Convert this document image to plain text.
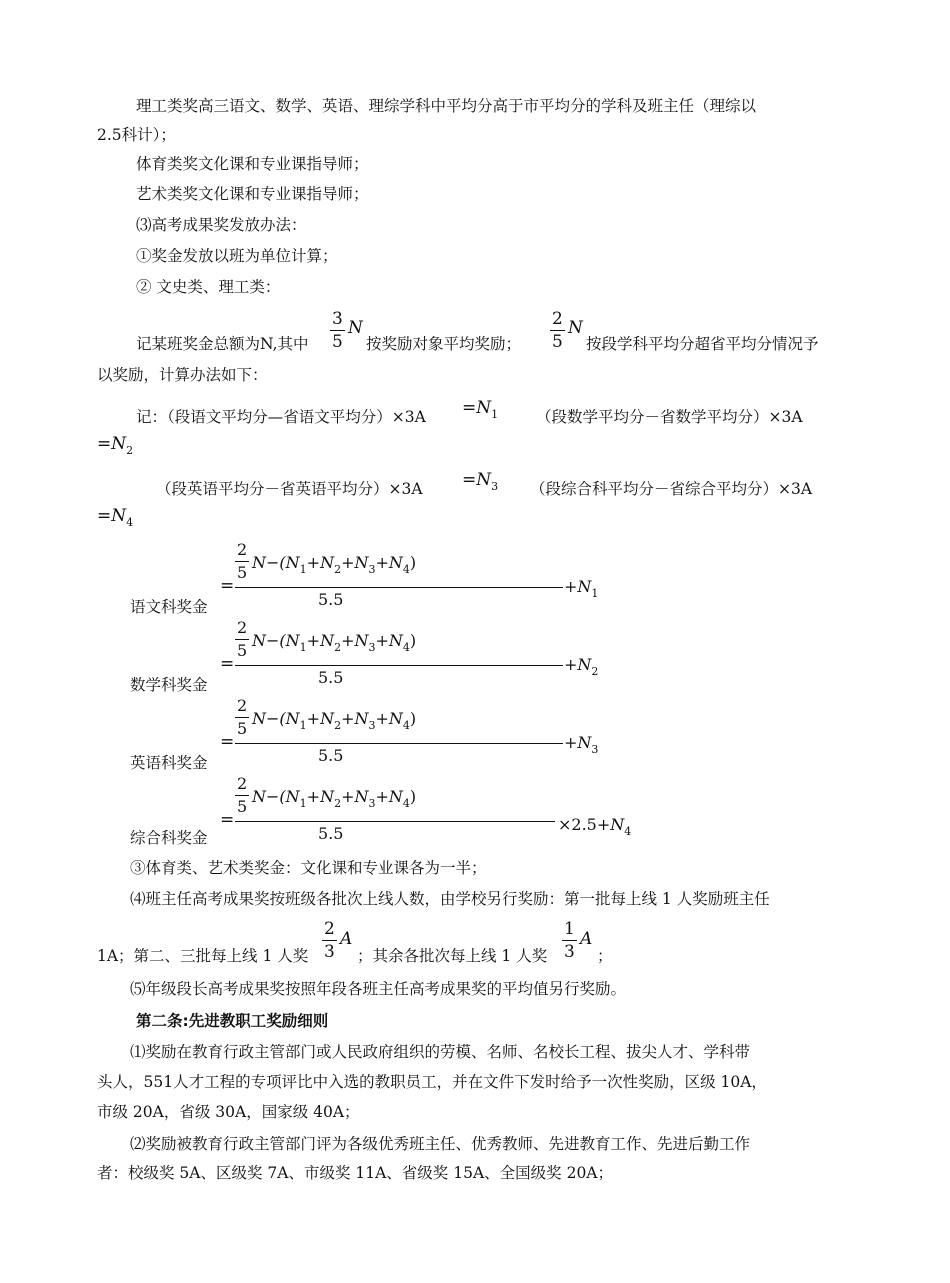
理工类奖高三语文、数学、英语、理综学科中平均分高于市平均分的学科及班主任（理综以
2.5科计）；
体育类奖文化课和专业课指导师；
艺术类奖文化课和专业课指导师；
⑶高考成果奖发放办法：
①奖金发放以班为单位计算；
② 文史类、理工类：
记某班奖金总额为N,其中 $\frac{3}{5}$ N
按奖励对象平均奖励； $\frac{2}{5}$ N
按段学科平均分超省平均分情况予
以奖励，计算办法如下：
记：（段语文平均分—省语文平均分）$\times 3A =N_1$ （段数学平均分－省数学平均分）×3A
$=N_2$
（段英语平均分－省英语平均分）$\times 3A =N_3$ （段综合科平均分－省综合平均分）×3A
$=N_4$
$\frac{2}{5} N-(N_1+N_2+N_3+N_4)$
=
5.5
$+N_1$
语文科奖金
$\frac{2}{5} N-(N_1+N_2+N_3+N_4)$
=
5.5
$+N_2$
数学科奖金
$\frac{2}{5} N-(N_1+N_2+N_3+N_4)$
=
5.5
$+N_3$
英语科奖金
$\frac{2}{5} N-(N_1+N_2+N_3+N_4)$
=
5.5	$\times 2.5+N_4$
综合科奖金
③体育类、艺术类奖金：文化课和专业课各为一半；
⑷班主任高考成果奖按班级各批次上线人数，由学校另行奖励：第一批每上线 1 人奖励班主任
1A；第二、三批每上线 1 人奖 $\frac{2}{3}$ A
；其余各批次每上线 1 人奖 $\frac{1}{3}$ A
；
⑸年级段长高考成果奖按照年段各班主任高考成果奖的平均值另行奖励。
第二条:先进教职工奖励细则
⑴奖励在教育行政主管部门或人民政府组织的劳模、名师、名校长工程、拔尖人才、学科带
头人，551人才工程的专项评比中入选的教职员工，并在文件下发时给予一次性奖励，区级 10A，
市级 20A，省级 30A，国家级 40A；
⑵奖励被教育行政主管部门评为各级优秀班主任、优秀教师、先进教育工作、先进后勤工作
者：校级奖 5A、区级奖 7A、市级奖 11A、省级奖 15A、全国级奖 20A；
